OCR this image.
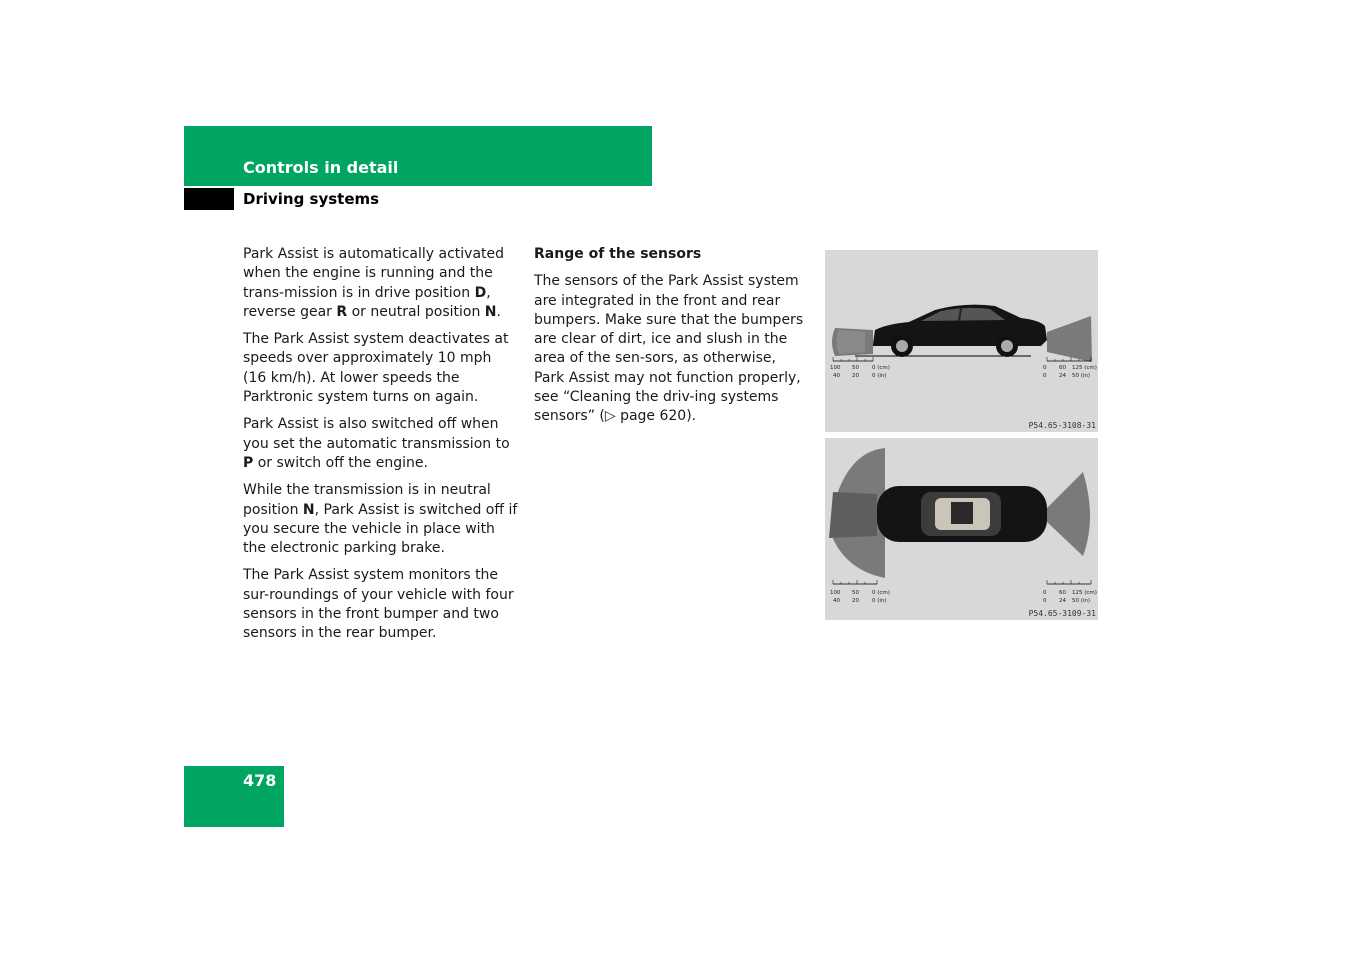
Controls in detail
Driving systems

Park Assist is automatically activated when the engine is running and the trans-mission is in drive position D, reverse gear R or neutral position N.

The Park Assist system deactivates at speeds over approximately 10 mph (16 km/h). At lower speeds the Parktronic system turns on again.

Park Assist is also switched off when you set the automatic transmission to P or switch off the engine.

While the transmission is in neutral position N, Park Assist is switched off if you secure the vehicle in place with the electronic parking brake.

The Park Assist system monitors the sur-roundings of your vehicle with four sensors in the front bumper and two sensors in the rear bumper.

Range of the sensors

The sensors of the Park Assist system are integrated in the front and rear bumpers. Make sure that the bumpers are clear of dirt, ice and slush in the area of the sen-sors, as otherwise, Park Assist may not function properly, see “Cleaning the driv-ing systems sensors” (▷ page 620).

100 50 0 (cm)
40 20 0 (in)
0 60 125 (cm)
0 24 50 (in)
P54.65-3108-31
100 50 0 (cm)
40 20 0 (in)
0 60 125 (cm)
0 24 50 (in)
P54.65-3109-31
478
